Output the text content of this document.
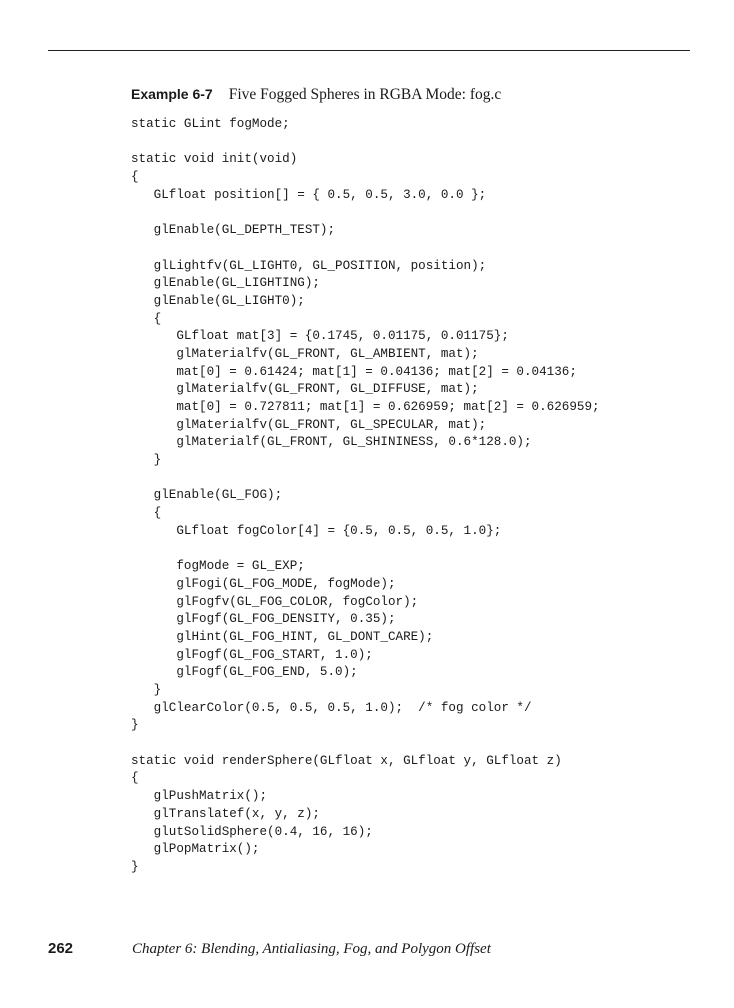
Example 6-7 Five Fogged Spheres in RGBA Mode: fog.c
static GLint fogMode;
static void init(void)
{
GLfloat position[] = { 0.5, 0.5, 3.0, 0.0 };
glEnable(GL_DEPTH_TEST);
glLightfv(GL_LIGHT0, GL_POSITION, position);
glEnable(GL_LIGHTING);
glEnable(GL_LIGHT0);
{
GLfloat mat[3] = {0.1745, 0.01175, 0.01175};
glMaterialfv(GL_FRONT, GL_AMBIENT, mat);
mat[0] = 0.61424; mat[1] = 0.04136; mat[2] = 0.04136;
glMaterialfv(GL_FRONT, GL_DIFFUSE, mat);
mat[0] = 0.727811; mat[1] = 0.626959; mat[2] = 0.626959;
glMaterialfv(GL_FRONT, GL_SPECULAR, mat);
glMaterialf(GL_FRONT, GL_SHININESS, 0.6*128.0);
}
glEnable(GL_FOG);
{
GLfloat fogColor[4] = {0.5, 0.5, 0.5, 1.0};
fogMode = GL_EXP;
glFogi(GL_FOG_MODE, fogMode);
glFogfv(GL_FOG_COLOR, fogColor);
glFogf(GL_FOG_DENSITY, 0.35);
glHint(GL_FOG_HINT, GL_DONT_CARE);
glFogf(GL_FOG_START, 1.0);
glFogf(GL_FOG_END, 5.0);
}
glClearColor(0.5, 0.5, 0.5, 1.0);  /* fog color */
}
static void renderSphere(GLfloat x, GLfloat y, GLfloat z)
{
glPushMatrix();
glTranslatef(x, y, z);
glutSolidSphere(0.4, 16, 16);
glPopMatrix();
}
262	Chapter 6: Blending, Antialiasing, Fog, and Polygon Offset
